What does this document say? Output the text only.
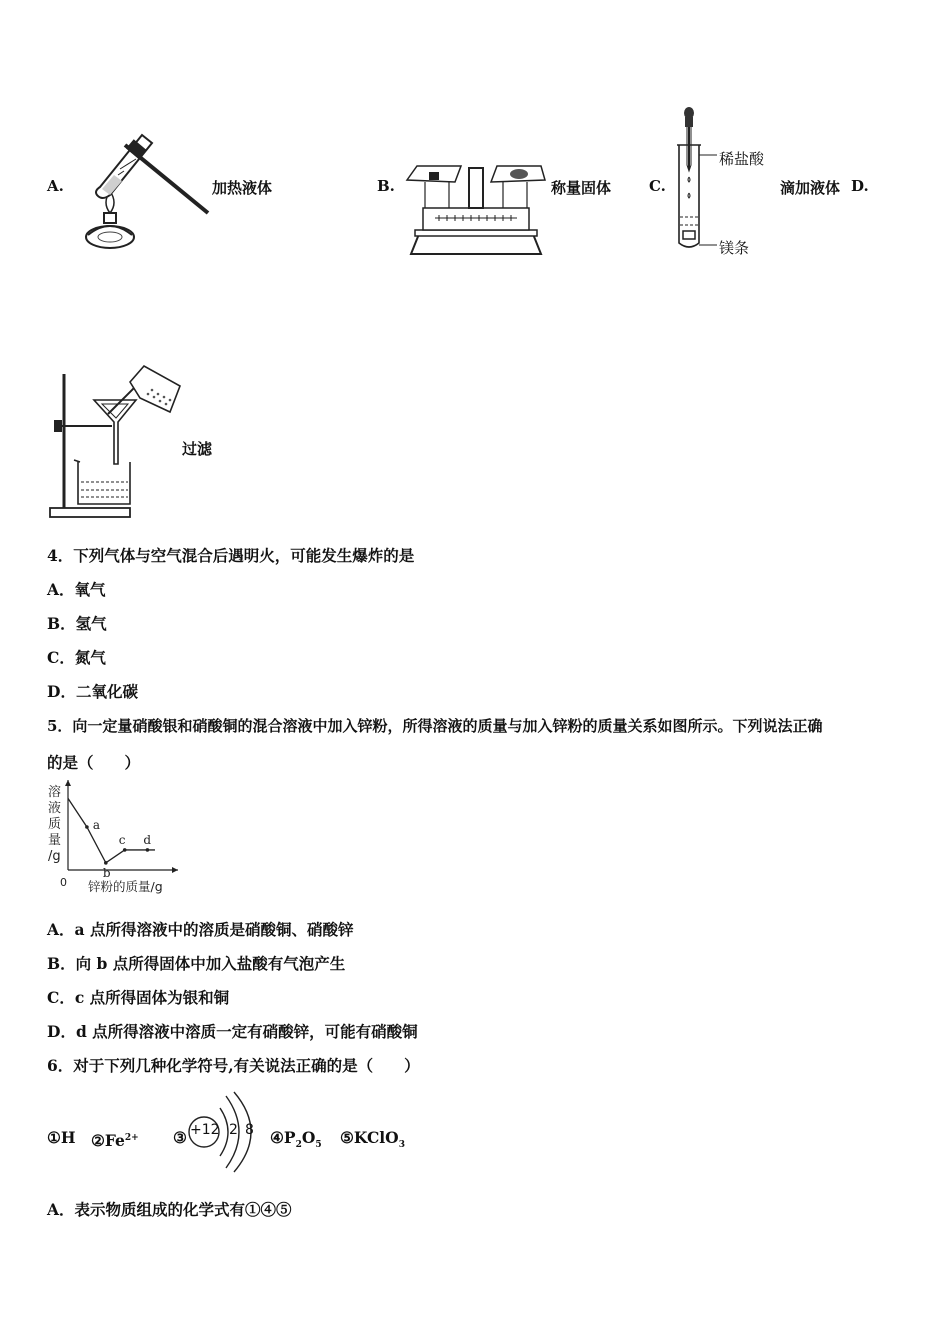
A.	加热液体	B.	称量固体	C.
稀盐酸
镁条
滴加液体 D.
过滤
4．下列气体与空气混合后遇明火，可能发生爆炸的是
A．氧气
B．氢气
C．氮气
D．二氧化碳
5．向一定量硝酸银和硝酸铜的混合溶液中加入锌粉，所得溶液的质量与加入锌粉的质量关系如图所示。下列说法正确
的是（　　）
a
b
c d
溶
液
质
量
/g
0 锌粉的质量/g
A．a 点所得溶液中的溶质是硝酸铜、硝酸锌
B．向 b 点所得固体中加入盐酸有气泡产生
C．c 点所得固体为银和铜
D．d 点所得溶液中溶质一定有硝酸锌，可能有硝酸铜
6．对于下列几种化学符号,有关说法正确的是（　　）
①H $②Fe^{2+}$ ③ +12 2 8 $④P_2O_5$ ⑤KClO$_3$
A．表示物质组成的化学式有①④⑤
